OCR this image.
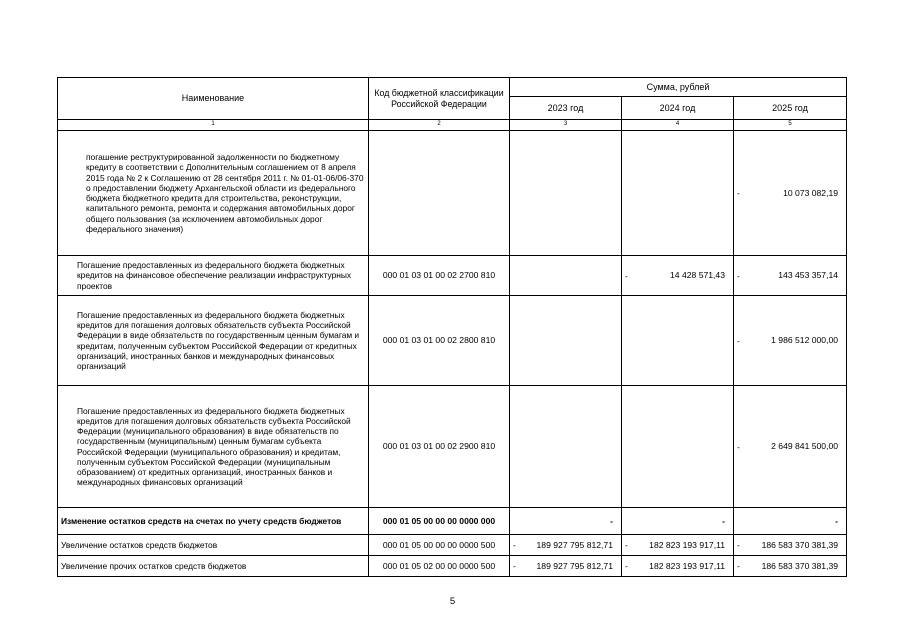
Наименование	Код бюджетной классификации Российской Федерации	Сумма, рублей		
		2023 год	2024 год	2025 год
1	2	3	4	5
погашение реструктурированной задолженности по бюджетному кредиту в соответствии с Дополнительным соглашением от 8 апреля 2015 года № 2 к Соглашению от 28 сентября 2011 г. № 01-01-06/06-370 о предоставлении бюджету Архангельской области из федерального бюджета бюджетного кредита для строительства, реконструкции, капитального ремонта, ремонта и содержания автомобильных дорог общего пользования (за исключением автомобильных дорог федерального значения)				- 10 073 082,19
Погашение предоставленных из федерального бюджета бюджетных кредитов на финансовое обеспечение реализации инфраструктурных проектов	000 01 03 01 00 02 2700 810		- 14 428 571,43	- 143 453 357,14
Погашение предоставленных из федерального бюджета бюджетных кредитов для погашения долговых обязательств субъекта Российской Федерации в виде обязательств по государственным ценным бумагам и кредитам, полученным субъектом Российской Федерации от кредитных организаций, иностранных банков и международных финансовых организаций	000 01 03 01 00 02 2800 810			- 1 986 512 000,00
Погашение предоставленных из федерального бюджета бюджетных кредитов для погашения долговых обязательств субъекта Российской Федерации (муниципального образования) в виде обязательств по государственным (муниципальным) ценным бумагам субъекта Российской Федерации (муниципального образования) и кредитам, полученным субъектом Российской Федерации (муниципальным образованием) от кредитных организаций, иностранных банков и международных финансовых организаций	000 01 03 01 00 02 2900 810			- 2 649 841 500,00
Изменение остатков средств на счетах по учету средств бюджетов	000 01 05 00 00 00 0000 000	-	-	-
Увеличение остатков средств бюджетов	000 01 05 00 00 00 0000 500	- 189 927 795 812,71	- 182 823 193 917,11	- 186 583 370 381,39
Увеличение прочих остатков средств бюджетов	000 01 05 02 00 00 0000 500	- 189 927 795 812,71	- 182 823 193 917,11	- 186 583 370 381,39
5
